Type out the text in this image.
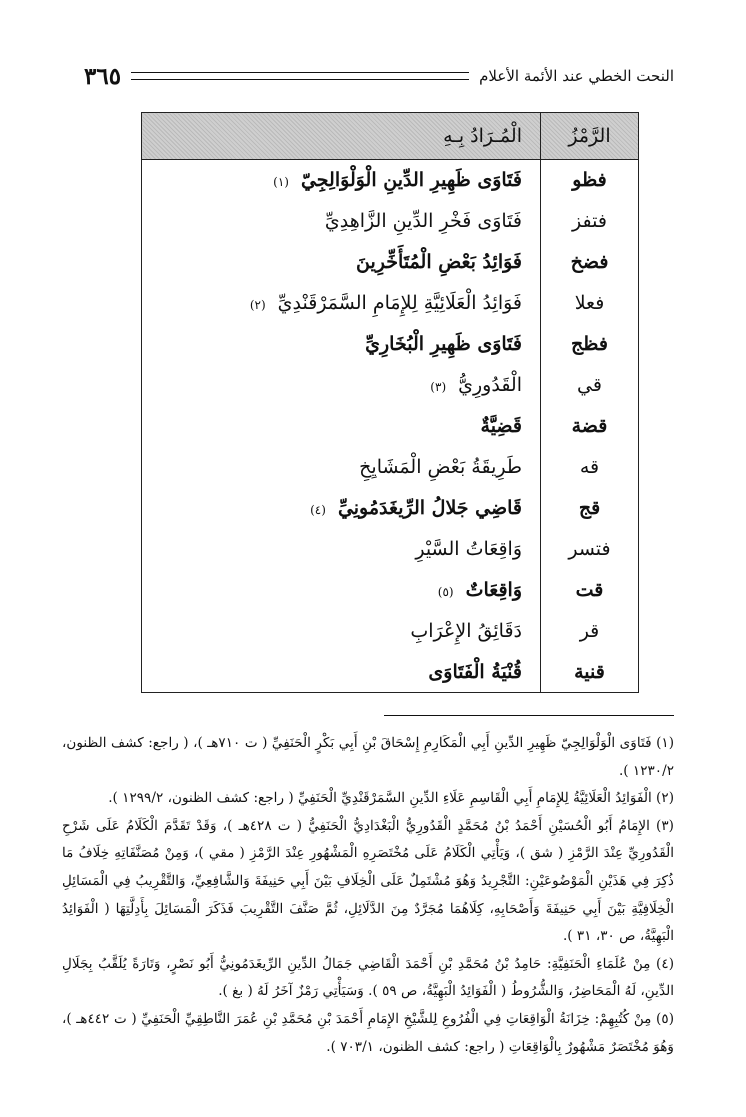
النحت الخطي عند الأئمة الأعلام
٣٦٥
الرَّمْزُ	الْمُـرَادُ بِـهِ
فظو	فَتَاوَى ظَهِيرِ الدِّينِ الْوَلْوَالِجِيّ(١)
فتفز	فَتَاوَى فَخْرِ الدِّينِ الزَّاهِدِيِّ
فضخ	فَوَائِدُ بَعْضِ الْمُتَأَخِّرِينَ
فعلا	فَوَائِدُ الْعَلَائِيَّةِ لِلإِمَامِ السَّمَرْقَنْدِيِّ(٢)
فظج	فَتَاوَى ظَهِيرِ الْبُخَارِيِّ
قي	الْقَدُورِيُّ(٣)
قضة	قَضِيَّةٌ
قه	طَرِيقَةُ بَعْضِ الْمَشَايِخِ
قج	قَاضِي جَلالُ الرِّيغَدَمُونِيِّ(٤)
فتسر	وَاقِعَاتُ السَّيْرِ
قت	وَاقِعَاتٌ(٥)
قر	دَقَائِقُ الإِعْرَابِ
قنية	قُنْيَةُ الْفَتَاوَى

(١) فَتَاوَى الْوَلْوَالِجِيّ ظَهِيرِ الدِّينِ أَبِي الْمَكَارِمِ إِسْحَاقَ بْنِ أَبِي بَكْرٍ الْحَنَفِيِّ ( ت ٧١٠هـ )، ( راجع: كشف الظنون، ١٢٣٠/٢ ).

(٢) الْفَوَائِدُ الْعَلَائِيَّةُ لِلإِمَامِ أَبِي الْقَاسِمِ عَلَاءِ الدِّينِ السَّمَرْقَنْدِيِّ الْحَنَفِيِّ ( راجع: كشف الظنون، ١٢٩٩/٢ ).

(٣) الإِمَامُ أَبُو الْحُسَيْنِ أَحْمَدُ بْنُ مُحَمَّدٍ الْقَدُورِيُّ الْبَغْدَادِيُّ الْحَنَفِيُّ ( ت ٤٢٨هـ )، وَقَدْ تَقَدَّمَ الْكَلَامُ عَلَى شَرْحِ الْقَدُورِيِّ عِنْدَ الرَّمْزِ ( شق )، وَيَأْتِي الْكَلَامُ عَلَى مُخْتَصَرِهِ الْمَشْهُورِ عِنْدَ الرَّمْزِ ( مقي )، وَمِنْ مُصَنَّفَاتِهِ خِلَافُ مَا ذُكِرَ فِي هَذَيْنِ الْمَوْضُوعَيْنِ: التَّجْرِيدُ وَهُوَ مُشْتَمِلٌ عَلَى الْخِلَافِ بَيْنَ أَبِي حَنِيفَةَ وَالشَّافِعِيِّ، وَالتَّقْرِيبُ فِي الْمَسَائِلِ الْخِلَافِيَّةِ بَيْنَ أَبِي حَنِيفَةَ وَأَصْحَابِهِ، كِلَاهُمَا مُجَرَّدٌ مِنَ الدَّلَائِلِ، ثُمَّ صَنَّفَ التَّقْرِيبَ فَذَكَرَ الْمَسَائِلَ بِأَدِلَّتِهَا ( الْفَوَائِدُ الْبَهِيَّةُ، ص ٣٠، ٣١ ).

(٤) مِنْ عُلَمَاءِ الْحَنَفِيَّةِ: حَامِدُ بْنُ مُحَمَّدِ بْنِ أَحْمَدَ الْقَاضِي جَمَالُ الدِّينِ الرِّيغَدَمُونِيُّ أَبُو نَصْرٍ، وَتَارَةً يُلَقَّبُ بِجَلَالِ الدِّينِ، لَهُ الْمَحَاضِرُ، وَالشُّرُوطُ ( الْفَوَائِدُ الْبَهِيَّةُ، ص ٥٩ ). وَسَيَأْتِي رَمْزٌ آخَرُ لَهُ ( بغ ).

(٥) مِنْ كُتُبِهِمْ: خِزَانَةُ الْوَاقِعَاتِ فِي الْفُرُوعِ لِلشَّيْخِ الإِمَامِ أَحْمَدَ بْنِ مُحَمَّدِ بْنِ عُمَرَ النَّاطِقِيِّ الْحَنَفِيِّ ( ت ٤٤٢هـ )، وَهُوَ مُخْتَصَرٌ مَشْهُورٌ بِالْوَاقِعَاتِ ( راجع: كشف الظنون، ٧٠٣/١ ).
